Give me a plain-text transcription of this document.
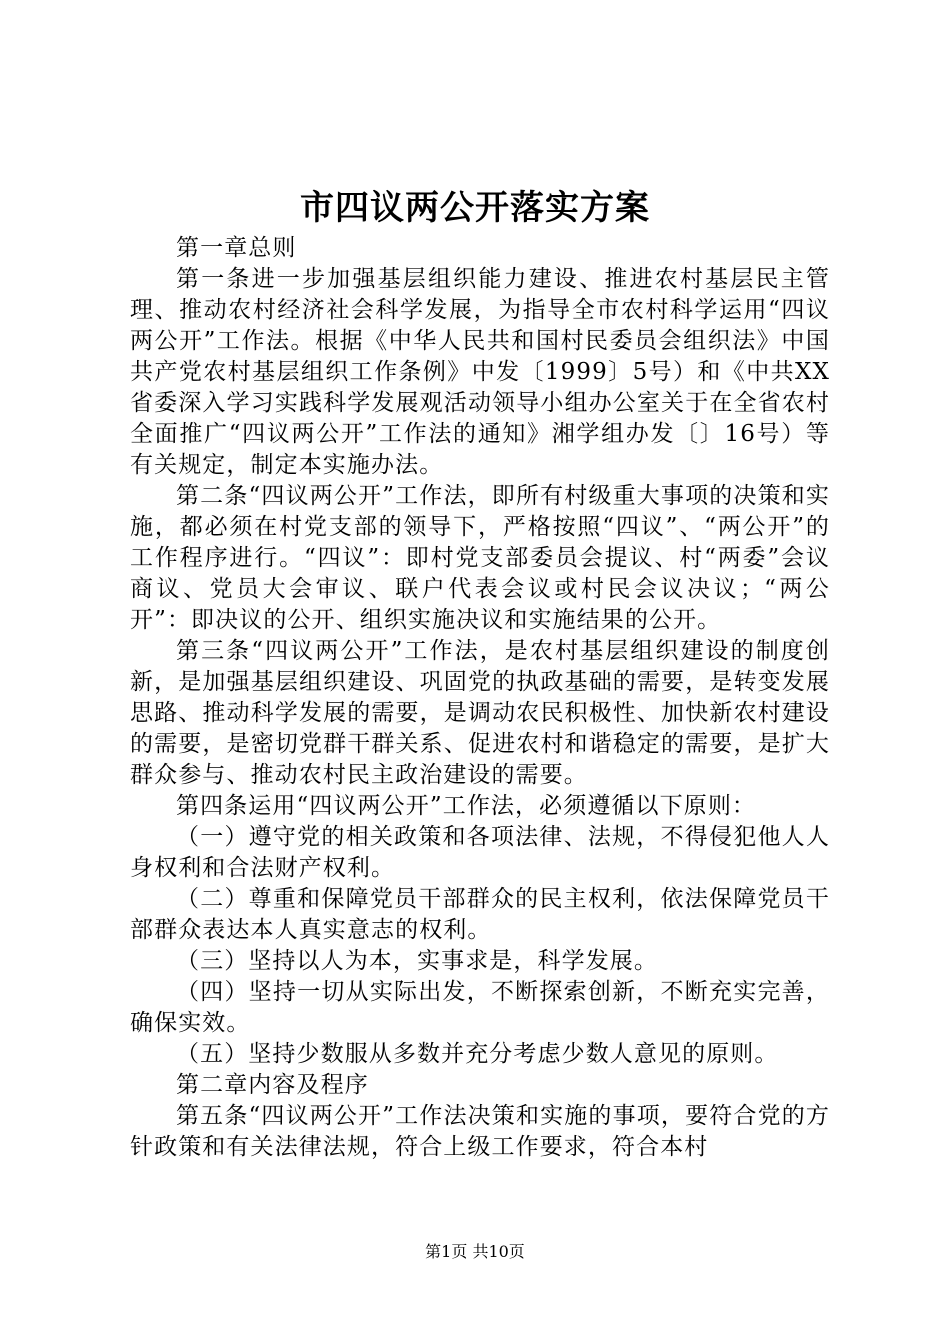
市四议两公开落实方案

第一章总则

第一条进一步加强基层组织能力建设、推进农村基层民主管理、推动农村经济社会科学发展，为指导全市农村科学运用“四议两公开”工作法。根据《中华人民共和国村民委员会组织法》中国共产党农村基层组织工作条例》中发〔1999〕5号）和《中共XX省委深入学习实践科学发展观活动领导小组办公室关于在全省农村全面推广“四议两公开”工作法的通知》湘学组办发〔〕16号）等有关规定，制定本实施办法。

第二条“四议两公开”工作法，即所有村级重大事项的决策和实施，都必须在村党支部的领导下，严格按照“四议”、“两公开”的工作程序进行。“四议”：即村党支部委员会提议、村“两委”会议商议、党员大会审议、联户代表会议或村民会议决议；“两公开”：即决议的公开、组织实施决议和实施结果的公开。

第三条“四议两公开”工作法，是农村基层组织建设的制度创新，是加强基层组织建设、巩固党的执政基础的需要，是转变发展思路、推动科学发展的需要，是调动农民积极性、加快新农村建设的需要，是密切党群干群关系、促进农村和谐稳定的需要，是扩大群众参与、推动农村民主政治建设的需要。

第四条运用“四议两公开”工作法，必须遵循以下原则：

（一）遵守党的相关政策和各项法律、法规，不得侵犯他人人身权利和合法财产权利。

（二）尊重和保障党员干部群众的民主权利，依法保障党员干部群众表达本人真实意志的权利。

（三）坚持以人为本，实事求是，科学发展。

（四）坚持一切从实际出发，不断探索创新，不断充实完善，确保实效。

（五）坚持少数服从多数并充分考虑少数人意见的原则。

第二章内容及程序

第五条“四议两公开”工作法决策和实施的事项，要符合党的方针政策和有关法律法规，符合上级工作要求，符合本村

第1页 共10页
